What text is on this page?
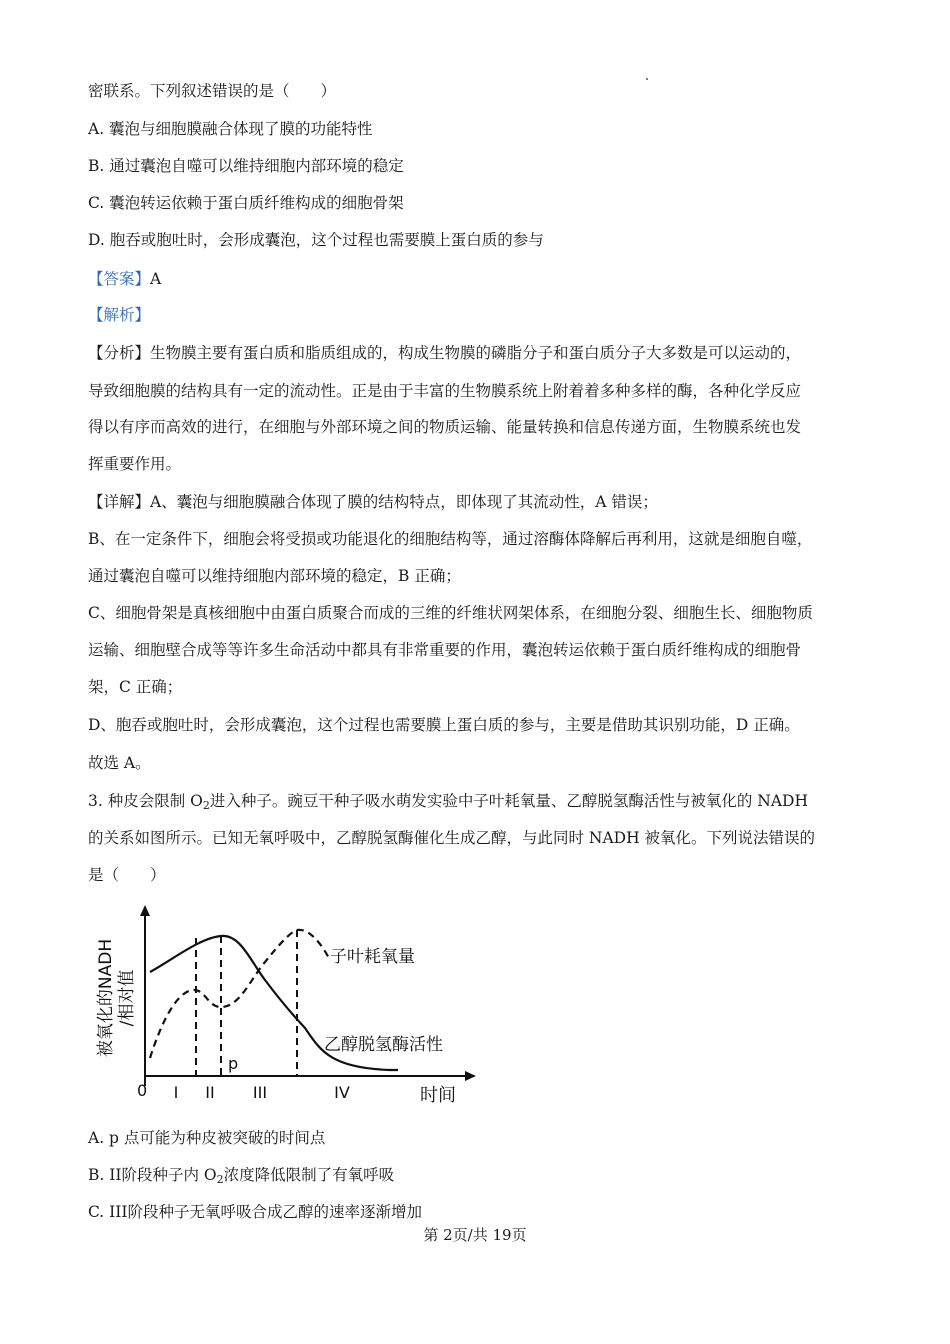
密联系。下列叙述错误的是（　　）
A. 囊泡与细胞膜融合体现了膜的功能特性
B. 通过囊泡自噬可以维持细胞内部环境的稳定
C. 囊泡转运依赖于蛋白质纤维构成的细胞骨架
D. 胞吞或胞吐时，会形成囊泡，这个过程也需要膜上蛋白质的参与
【答案】A
【解析】
【分析】生物膜主要有蛋白质和脂质组成的，构成生物膜的磷脂分子和蛋白质分子大多数是可以运动的，
导致细胞膜的结构具有一定的流动性。正是由于丰富的生物膜系统上附着着多种多样的酶，各种化学反应
得以有序而高效的进行，在细胞与外部环境之间的物质运输、能量转换和信息传递方面，生物膜系统也发
挥重要作用。
【详解】A、囊泡与细胞膜融合体现了膜的结构特点，即体现了其流动性，A 错误；
B、在一定条件下，细胞会将受损或功能退化的细胞结构等，通过溶酶体降解后再利用，这就是细胞自噬，
通过囊泡自噬可以维持细胞内部环境的稳定，B 正确；
C、细胞骨架是真核细胞中由蛋白质聚合而成的三维的纤维状网架体系，在细胞分裂、细胞生长、细胞物质
运输、细胞壁合成等等许多生命活动中都具有非常重要的作用，囊泡转运依赖于蛋白质纤维构成的细胞骨
架，C 正确；
D、胞吞或胞吐时，会形成囊泡，这个过程也需要膜上蛋白质的参与，主要是借助其识别功能，D 正确。
故选 A。
3. 种皮会限制 $O_2$进入种子。豌豆干种子吸水萌发实验中子叶耗氧量、乙醇脱氢酶活性与被氧化的 NADH
的关系如图所示。已知无氧呼吸中，乙醇脱氢酶催化生成乙醇，与此同时 NADH 被氧化。下列说法错误的
是（　　）
被氧化的NADH /相对值
0
p
I II III	IV	时间
子叶耗氧量
乙醇脱氢酶活性
A. p 点可能为种皮被突破的时间点
B. II阶段种子内 $O_2$浓度降低限制了有氧呼吸
C. III阶段种子无氧呼吸合成乙醇的速率逐渐增加
第 2页/共 19页
